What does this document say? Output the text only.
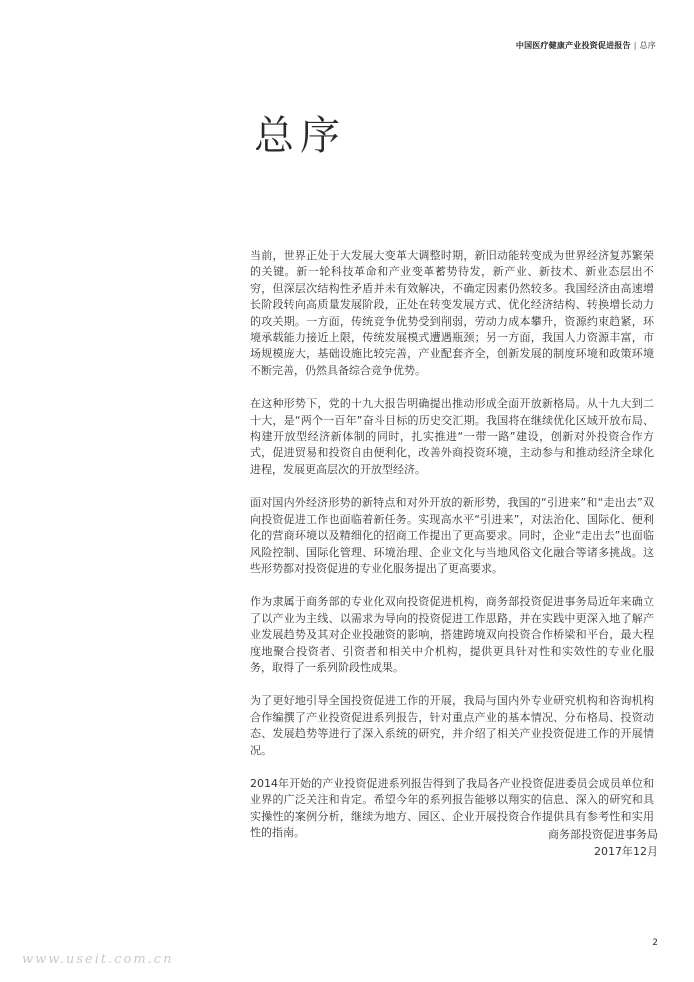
中国医疗健康产业投资促进报告 | 总序
总序

当前，世界正处于大发展大变革大调整时期，新旧动能转变成为世界经济复苏繁荣的关键。新一轮科技革命和产业变革蓄势待发，新产业、新技术、新业态层出不穷，但深层次结构性矛盾并未有效解决，不确定因素仍然较多。我国经济由高速增长阶段转向高质量发展阶段，正处在转变发展方式、优化经济结构、转换增长动力的攻关期。一方面，传统竞争优势受到削弱，劳动力成本攀升，资源约束趋紧，环境承载能力接近上限，传统发展模式遭遇瓶颈；另一方面，我国人力资源丰富，市场规模庞大，基础设施比较完善，产业配套齐全，创新发展的制度环境和政策环境不断完善，仍然具备综合竞争优势。

在这种形势下，党的十九大报告明确提出推动形成全面开放新格局。从十九大到二十大，是“两个一百年”奋斗目标的历史交汇期。我国将在继续优化区域开放布局、构建开放型经济新体制的同时，扎实推进“一带一路”建设，创新对外投资合作方式，促进贸易和投资自由便利化，改善外商投资环境，主动参与和推动经济全球化进程，发展更高层次的开放型经济。

面对国内外经济形势的新特点和对外开放的新形势，我国的“引进来”和“走出去”双向投资促进工作也面临着新任务。实现高水平“引进来”，对法治化、国际化、便利化的营商环境以及精细化的招商工作提出了更高要求。同时，企业“走出去”也面临风险控制、国际化管理、环境治理、企业文化与当地风俗文化融合等诸多挑战。这些形势都对投资促进的专业化服务提出了更高要求。

作为隶属于商务部的专业化双向投资促进机构，商务部投资促进事务局近年来确立了以产业为主线、以需求为导向的投资促进工作思路，并在实践中更深入地了解产业发展趋势及其对企业投融资的影响，搭建跨境双向投资合作桥梁和平台，最大程度地聚合投资者、引资者和相关中介机构，提供更具针对性和实效性的专业化服务，取得了一系列阶段性成果。

为了更好地引导全国投资促进工作的开展，我局与国内外专业研究机构和咨询机构合作编撰了产业投资促进系列报告，针对重点产业的基本情况、分布格局、投资动态、发展趋势等进行了深入系统的研究，并介绍了相关产业投资促进工作的开展情况。

2014年开始的产业投资促进系列报告得到了我局各产业投资促进委员会成员单位和业界的广泛关注和肯定。希望今年的系列报告能够以翔实的信息、深入的研究和具实操性的案例分析，继续为地方、园区、企业开展投资合作提供具有参考性和实用性的指南。	商务部投资促进事务局
2017年12月
2
www.useit.com.cn
